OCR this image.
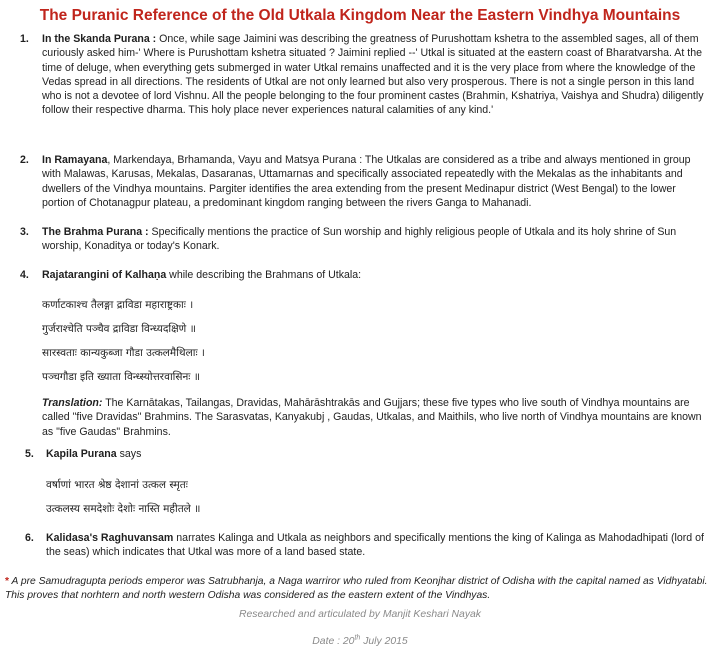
The Puranic Reference of the Old Utkala Kingdom Near the Eastern Vindhya Mountains
1. In the Skanda Purana : Once, while sage Jaimini was describing the greatness of Purushottam kshetra to the assembled sages, all of them curiously asked him-' Where is Purushottam kshetra situated ? Jaimini replied --' Utkal is situated at the eastern coast of Bharatvarsha. At the time of deluge, when everything gets submerged in water Utkal remains unaffected and it is the very place from where the knowledge of the Vedas spread in all directions. The residents of Utkal are not only learned but also very prosperous. There is not a single person in this land who is not a devotee of lord Vishnu. All the people belonging to the four prominent castes (Brahmin, Kshatriya, Vaishya and Shudra) diligently follow their respective dharma. This holy place never experiences natural calamities of any kind.'
2. In Ramayana, Markendaya, Brhamanda, Vayu and Matsya Purana : The Utkalas are considered as a tribe and always mentioned in group with Malawas, Karusas, Mekalas, Dasaranas, Uttamarnas and specifically associated repeatedly with the Mekalas as the inhabitants and dwellers of the Vindhya mountains. Pargiter identifies the area extending from the present Medinapur district (West Bengal) to the lower portion of Chotanagpur plateau, a predominant kingdom ranging between the rivers Ganga to Mahanadi.
3. The Brahma Purana : Specifically mentions the practice of Sun worship and highly religious people of Utkala and its holy shrine of Sun worship, Konaditya or today's Konark.
4. Rajatarangini of Kalhaṇa while describing the Brahmans of Utkala:
कर्णाटकाश्च तैलङ्गा द्राविडा महाराष्ट्रकाः ।
गुर्जराश्चेति पञ्चैव द्राविडा विन्ध्यदक्षिणे ॥
सारस्वताः कान्यकुब्जा गौडा उत्कलमैथिलाः ।
पञ्चगौडा इति ख्याता विन्ध्स्योत्तरवासिनः ॥
Translation: The Karnātakas, Tailangas, Dravidas, Mahārāshtrakās and Gujjars; these five types who live south of Vindhya mountains are called "five Dravidas" Brahmins. The Sarasvatas, Kanyakubj , Gaudas, Utkalas, and Maithils, who live north of Vindhya mountains are known as "five Gaudas" Brahmins.
5. Kapila Purana says
वर्षाणां भारत श्रेष्ठ देशानां उत्कल स्मृतः
उत्कलस्य समदेशोः देशोः नास्ति महीतले ॥
6. Kalidasa's Raghuvansam narrates Kalinga and Utkala as neighbors and specifically mentions the king of Kalinga as Mahodadhipati (lord of the seas) which indicates that Utkal was more of a land based state.
* A pre Samudragupta periods emperor was Satrubhanja, a Naga warriror who ruled from Keonjhar district of Odisha with the capital named as Vidhyatabi. This proves that norhtern and north western Odisha was considered as the eastern extent of the Vindhyas.
Researched and articulated by Manjit Keshari Nayak
Date : 20th July 2015
